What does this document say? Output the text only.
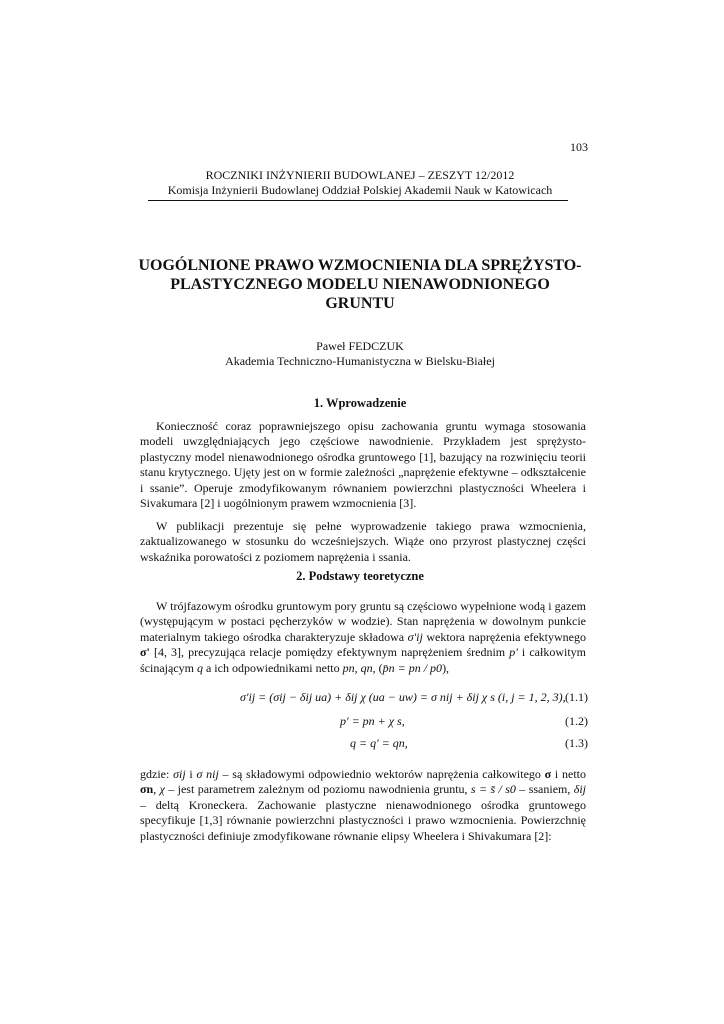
103
ROCZNIKI INŻYNIERII BUDOWLANEJ – ZESZYT 12/2012
Komisja Inżynierii Budowlanej Oddział Polskiej Akademii Nauk w Katowicach
UOGÓLNIONE PRAWO WZMOCNIENIA DLA SPRĘŻYSTO-
PLASTYCZNEGO MODELU NIENAWODNIONEGO
GRUNTU
Paweł FEDCZUK
Akademia Techniczno-Humanistyczna w Bielsku-Białej
1. Wprowadzenie

Konieczność coraz poprawniejszego opisu zachowania gruntu wymaga stosowania modeli uwzględniających jego częściowe nawodnienie. Przykładem jest sprężysto-plastyczny model nienawodnionego ośrodka gruntowego [1], bazujący na rozwinięciu teorii stanu krytycznego. Ujęty jest on w formie zależności „naprężenie efektywne – odkształcenie i ssanie”. Operuje zmodyfikowanym równaniem powierzchni plastyczności Wheelera i Sivakumara [2] i uogólnionym prawem wzmocnienia [3].

W publikacji prezentuje się pełne wyprowadzenie takiego prawa wzmocnienia, zaktualizowanego w stosunku do wcześniejszych. Wiąże ono przyrost plastycznej części wskaźnika porowatości z poziomem naprężenia i ssania.

2. Podstawy teoretyczne

W trójfazowym ośrodku gruntowym pory gruntu są częściowo wypełnione wodą i gazem (występującym w postaci pęcherzyków w wodzie). Stan naprężenia w dowolnym punkcie materialnym takiego ośrodka charakteryzuje składowa σ'ij wektora naprężenia efektywnego σ' [4, 3], precyzująca relacje pomiędzy efektywnym naprężeniem średnim p' i całkowitym ścinającym q a ich odpowiednikami netto pn, qn, (p̄n = pn / p0),

σ'ij = (σij − δij ua) + δij χ (ua − uw) = σ nij + δij χ s (i, j = 1, 2, 3), (1.1)
p' = pn + χ s,	(1.2)
q = q' = qn,	(1.3)

gdzie: σij i σ nij – są składowymi odpowiednio wektorów naprężenia całkowitego σ i netto σn, χ – jest parametrem zależnym od poziomu nawodnienia gruntu, s = s̄ / s0 – ssaniem, δij – deltą Kroneckera. Zachowanie plastyczne nienawodnionego ośrodka gruntowego specyfikuje [1,3] równanie powierzchni plastyczności i prawo wzmocnienia. Powierzchnię plastyczności definiuje zmodyfikowane równanie elipsy Wheelera i Shivakumara [2]:
